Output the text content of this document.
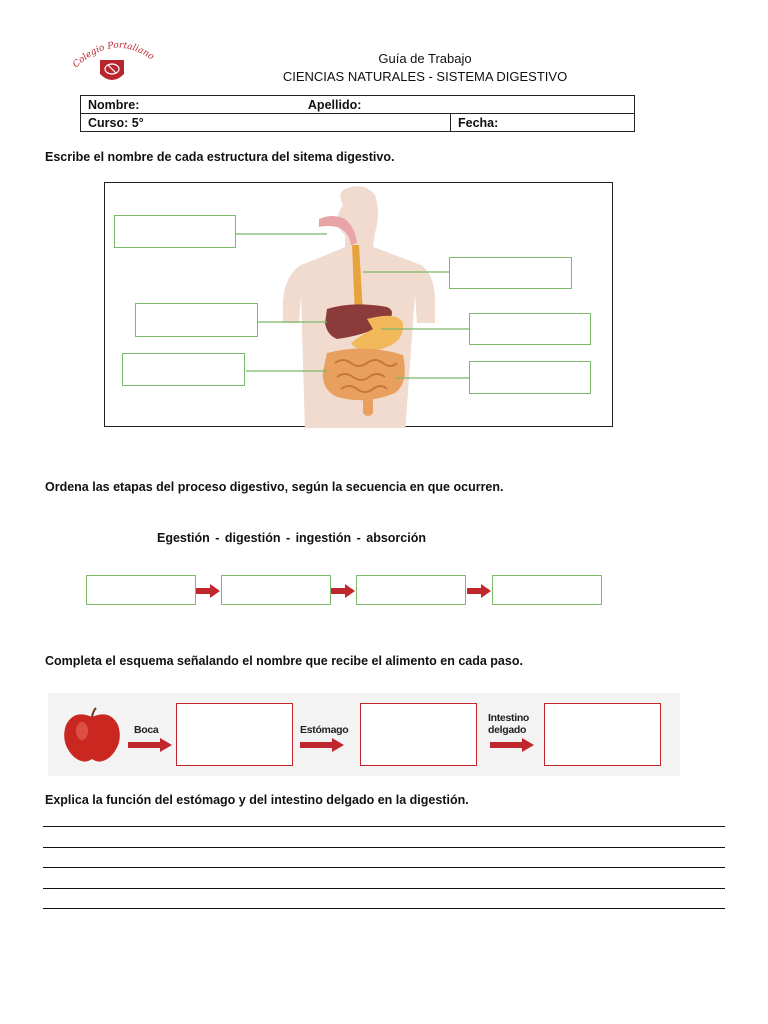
Colegio Portaliano	Guía de Trabajo
CIENCIAS NATURALES - SISTEMA DIGESTIVO
Nombre:	Apellido:
Curso: 5°	Fecha:
Escribe el nombre de cada estructura del sitema digestivo.
Ordena las etapas del proceso digestivo, según la secuencia en que ocurren.
Egestión - digestión - ingestión - absorción
Completa el esquema señalando el nombre que recibe el alimento en cada paso.
Boca	Estómago
Intestino delgado
Explica la función del estómago y del intestino delgado en la digestión.
